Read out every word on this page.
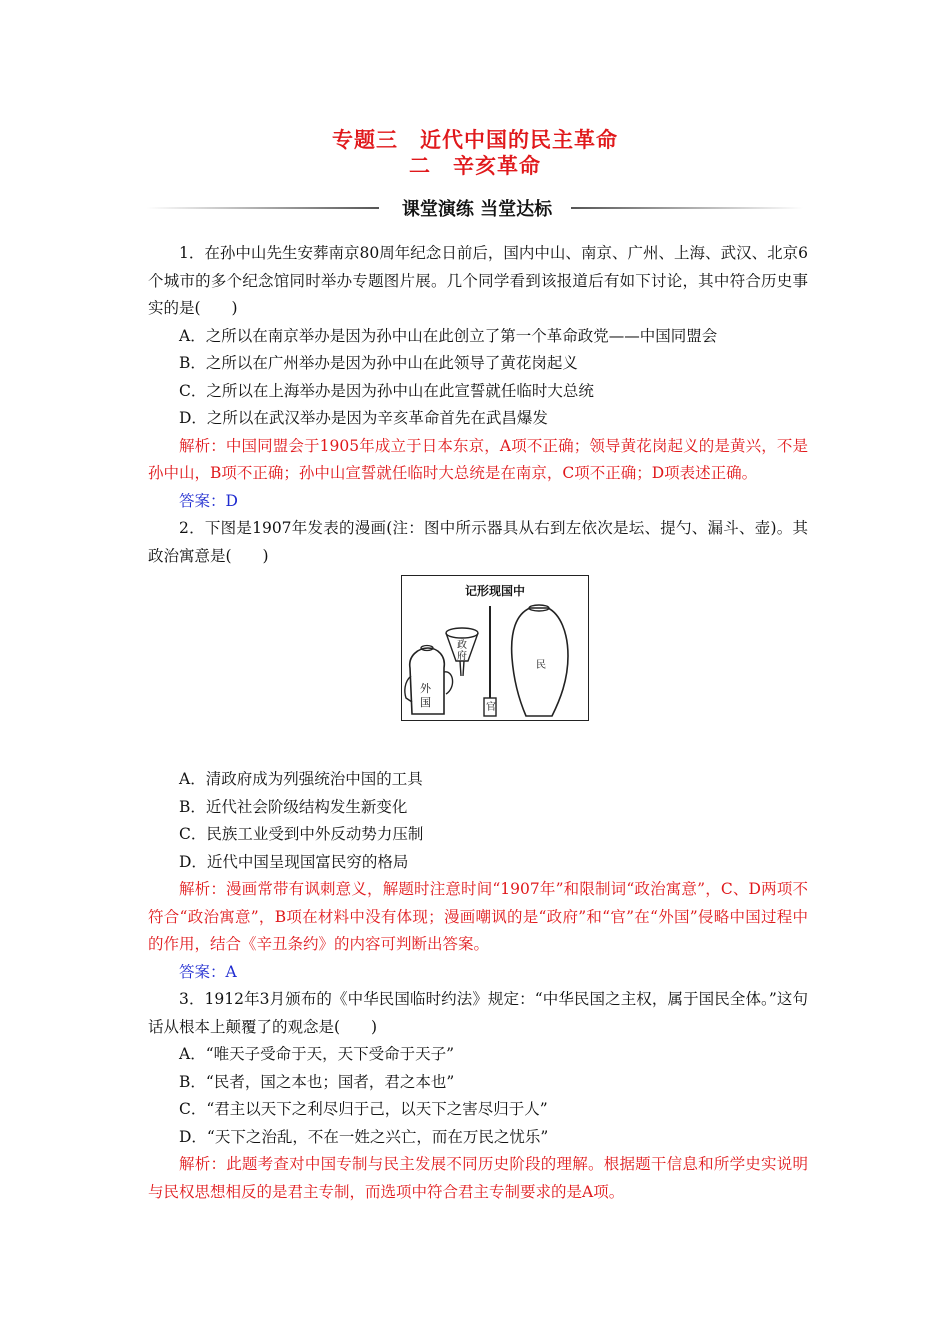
专题三　近代中国的民主革命
二　辛亥革命
课堂演练 当堂达标

1．在孙中山先生安葬南京80周年纪念日前后，国内中山、南京、广州、上海、武汉、北京6个城市的多个纪念馆同时举办专题图片展。几个同学看到该报道后有如下讨论，其中符合历史事实的是(　　)

A．之所以在南京举办是因为孙中山在此创立了第一个革命政党——中国同盟会

B．之所以在广州举办是因为孙中山在此领导了黄花岗起义

C．之所以在上海举办是因为孙中山在此宣誓就任临时大总统

D．之所以在武汉举办是因为辛亥革命首先在武昌爆发

解析：中国同盟会于1905年成立于日本东京，A项不正确；领导黄花岗起义的是黄兴，不是孙中山，B项不正确；孙中山宣誓就任临时大总统是在南京，C项不正确；D项表述正确。

答案：D

2．下图是1907年发表的漫画(注：图中所示器具从右到左依次是坛、提勺、漏斗、壶)。其政治寓意是(　　)

记形现国中
民
政府
官
外国

A．清政府成为列强统治中国的工具

B．近代社会阶级结构发生新变化

C．民族工业受到中外反动势力压制

D．近代中国呈现国富民穷的格局

解析：漫画常带有讽刺意义，解题时注意时间“1907年”和限制词“政治寓意”，C、D两项不符合“政治寓意”，B项在材料中没有体现；漫画嘲讽的是“政府”和“官”在“外国”侵略中国过程中的作用，结合《辛丑条约》的内容可判断出答案。

答案：A

3．1912年3月颁布的《中华民国临时约法》规定：“中华民国之主权，属于国民全体。”这句话从根本上颠覆了的观念是(　　)

A．“唯天子受命于天，天下受命于天子”

B．“民者，国之本也；国者，君之本也”

C．“君主以天下之利尽归于己，以天下之害尽归于人”

D．“天下之治乱，不在一姓之兴亡，而在万民之忧乐”

解析：此题考查对中国专制与民主发展不同历史阶段的理解。根据题干信息和所学史实说明与民权思想相反的是君主专制，而选项中符合君主专制要求的是A项。
